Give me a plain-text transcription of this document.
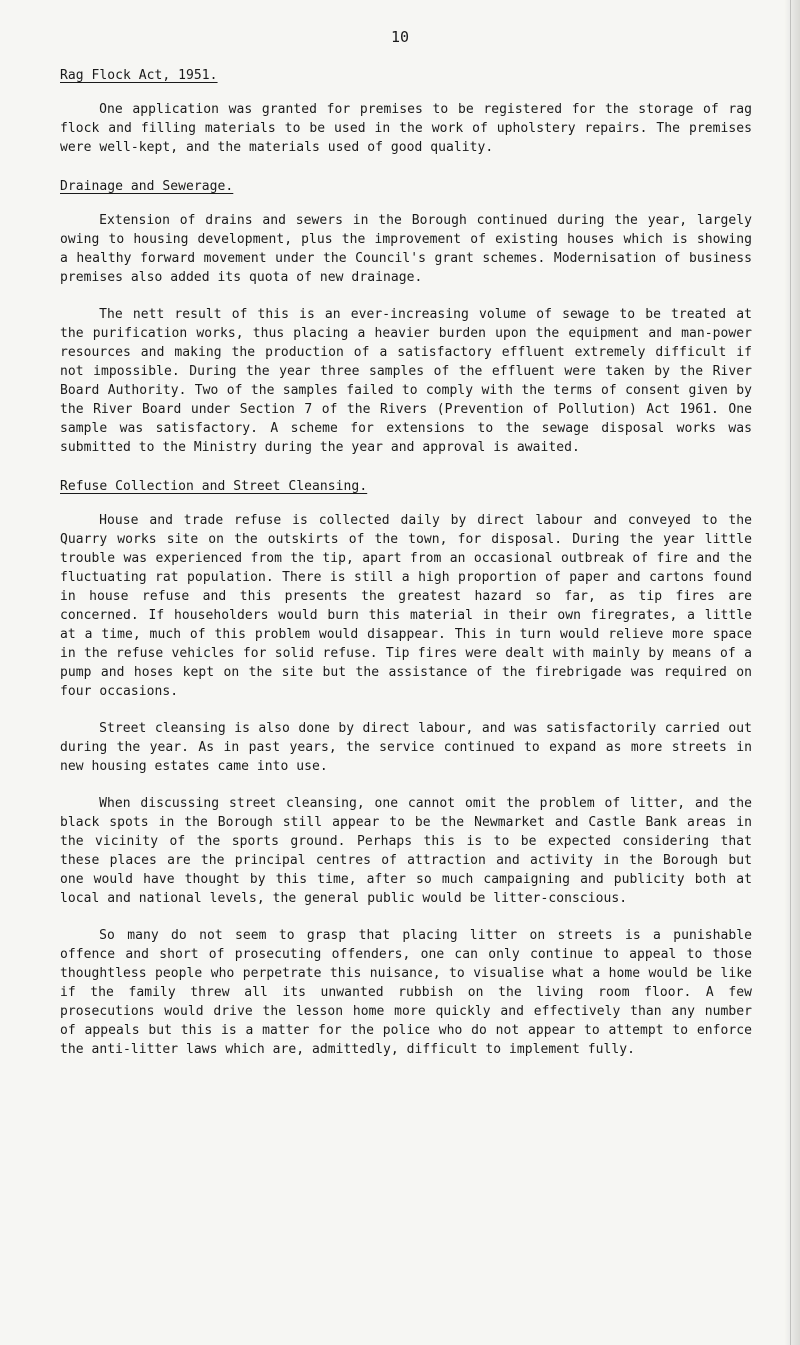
10
Rag Flock Act, 1951.

One application was granted for premises to be registered for the storage of rag flock and filling materials to be used in the work of upholstery repairs. The premises were well-kept, and the materials used of good quality.

Drainage and Sewerage.

Extension of drains and sewers in the Borough continued during the year, largely owing to housing development, plus the improvement of existing houses which is showing a healthy forward movement under the Council's grant schemes. Modernisation of business premises also added its quota of new drainage.

The nett result of this is an ever-increasing volume of sewage to be treated at the purification works, thus placing a heavier burden upon the equipment and man-power resources and making the production of a satisfactory effluent extremely difficult if not impossible. During the year three samples of the effluent were taken by the River Board Authority. Two of the samples failed to comply with the terms of consent given by the River Board under Section 7 of the Rivers (Prevention of Pollution) Act 1961. One sample was satisfactory. A scheme for extensions to the sewage disposal works was submitted to the Ministry during the year and approval is awaited.

Refuse Collection and Street Cleansing.

House and trade refuse is collected daily by direct labour and conveyed to the Quarry works site on the outskirts of the town, for disposal. During the year little trouble was experienced from the tip, apart from an occasional outbreak of fire and the fluctuating rat population. There is still a high proportion of paper and cartons found in house refuse and this presents the greatest hazard so far, as tip fires are concerned. If householders would burn this material in their own firegrates, a little at a time, much of this problem would disappear. This in turn would relieve more space in the refuse vehicles for solid refuse. Tip fires were dealt with mainly by means of a pump and hoses kept on the site but the assistance of the firebrigade was required on four occasions.

Street cleansing is also done by direct labour, and was satisfactorily carried out during the year. As in past years, the service continued to expand as more streets in new housing estates came into use.

When discussing street cleansing, one cannot omit the problem of litter, and the black spots in the Borough still appear to be the Newmarket and Castle Bank areas in the vicinity of the sports ground. Perhaps this is to be expected considering that these places are the principal centres of attraction and activity in the Borough but one would have thought by this time, after so much campaigning and publicity both at local and national levels, the general public would be litter-conscious.

So many do not seem to grasp that placing litter on streets is a punishable offence and short of prosecuting offenders, one can only continue to appeal to those thoughtless people who perpetrate this nuisance, to visualise what a home would be like if the family threw all its unwanted rubbish on the living room floor. A few prosecutions would drive the lesson home more quickly and effectively than any number of appeals but this is a matter for the police who do not appear to attempt to enforce the anti-litter laws which are, admittedly, difficult to implement fully.
